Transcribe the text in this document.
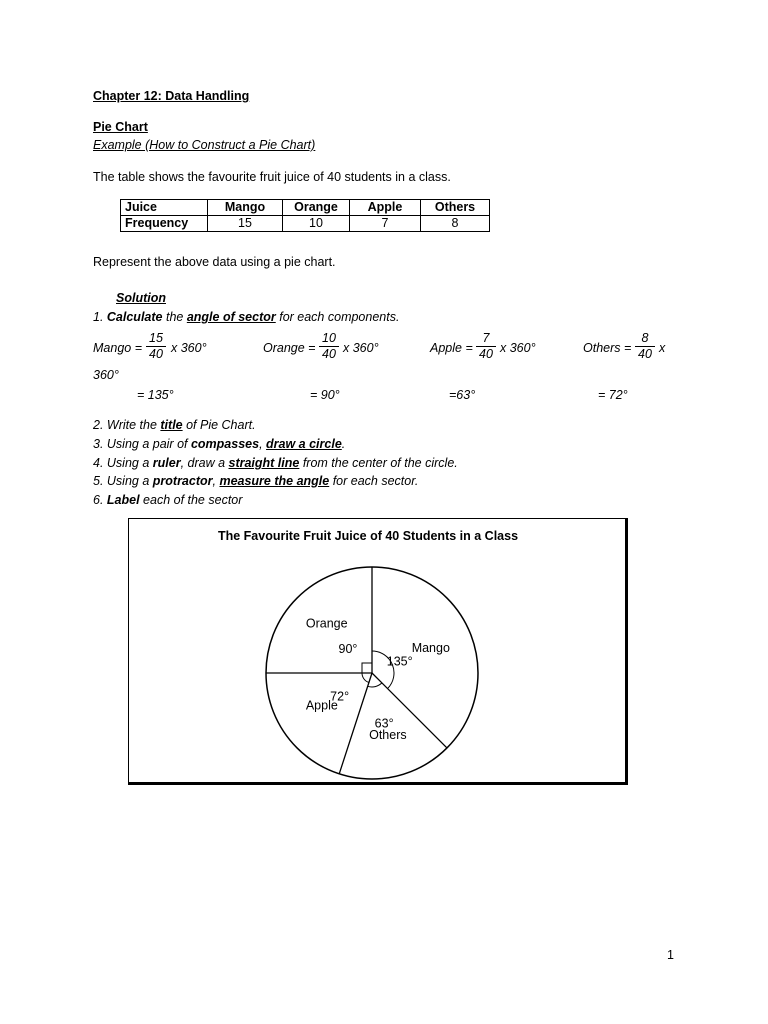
Chapter 12: Data Handling
Pie Chart
Example (How to Construct a Pie Chart)
The table shows the favourite fruit juice of 40 students in a class.
Juice	Mango	Orange	Apple	Others
Frequency	15	10	7	8
Represent the above data using a pie chart.
Solution
1. Calculate the angle of sector for each components.
Mango =
15
40 x 360°
= 135°
Orange =
10
40 x 360°
= 90°
Apple =
7
40 x 360°
=63°
Others =
8
40 x
360°
= 72°
2. Write the title of Pie Chart.
3. Using a pair of compasses, draw a circle.
4. Using a ruler, draw a straight line from the center of the circle.
5. Using a protractor, measure the angle for each sector.
6. Label each of the sector
The Favourite Fruit Juice of 40 Students in a Class
Mango
135°
Others
63°
Apple
72°
Orange
90°
1
